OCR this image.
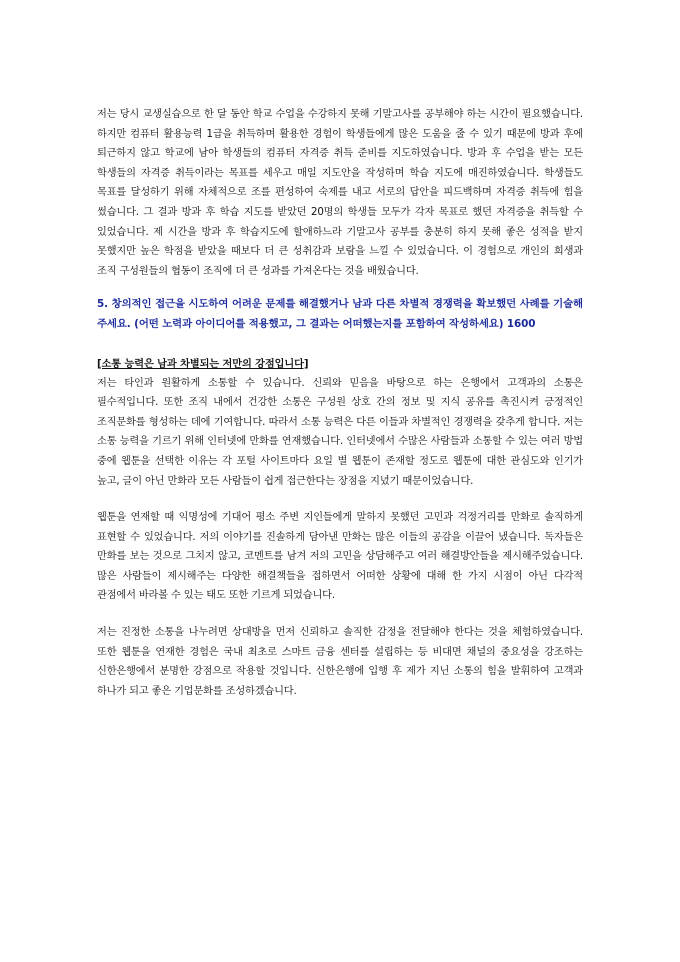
저는 당시 교생실습으로 한 달 동안 학교 수업을 수강하지 못해 기말고사를 공부해야 하는 시간이 필요했습니다. 하지만 컴퓨터 활용능력 1급을 취득하며 활용한 경험이 학생들에게 많은 도움을 줄 수 있기 때문에 방과 후에 퇴근하지 않고 학교에 남아 학생들의 컴퓨터 자격증 취득 준비를 지도하였습니다. 방과 후 수업을 받는 모든 학생들의 자격증 취득이라는 목표를 세우고 매일 지도안을 작성하며 학습 지도에 매진하였습니다. 학생들도 목표를 달성하기 위해 자체적으로 조를 편성하여 숙제를 내고 서로의 답안을 피드백하며 자격증 취득에 힘을 썼습니다. 그 결과 방과 후 학습 지도를 받았던 20명의 학생들 모두가 각자 목표로 했던 자격증을 취득할 수 있었습니다. 제 시간을 방과 후 학습지도에 할애하느라 기말고사 공부를 충분히 하지 못해 좋은 성적을 받지 못했지만 높은 학점을 받았을 때보다 더 큰 성취감과 보람을 느낄 수 있었습니다. 이 경험으로 개인의 희생과 조직 구성원들의 협동이 조직에 더 큰 성과를 가져온다는 것을 배웠습니다.

5. 창의적인 접근을 시도하여 어려운 문제를 해결했거나 남과 다른 차별적 경쟁력을 확보했던 사례를 기술해 주세요. (어떤 노력과 아이디어를 적용했고, 그 결과는 어떠했는지를 포함하여 작성하세요) 1600

[소통 능력은 남과 차별되는 저만의 강점입니다]

저는 타인과 원활하게 소통할 수 있습니다. 신뢰와 믿음을 바탕으로 하는 은행에서 고객과의 소통은 필수적입니다. 또한 조직 내에서 건강한 소통은 구성원 상호 간의 정보 및 지식 공유를 촉진시켜 긍정적인 조직문화를 형성하는 데에 기여합니다. 따라서 소통 능력은 다른 이들과 차별적인 경쟁력을 갖추게 합니다. 저는 소통 능력을 기르기 위해 인터넷에 만화를 연재했습니다. 인터넷에서 수많은 사람들과 소통할 수 있는 여러 방법 중에 웹툰을 선택한 이유는 각 포털 사이트마다 요일 별 웹툰이 존재할 정도로 웹툰에 대한 관심도와 인기가 높고, 글이 아닌 만화라 모든 사람들이 쉽게 접근한다는 장점을 지녔기 때문이었습니다.

웹툰을 연재할 때 익명성에 기대어 평소 주변 지인들에게 말하지 못했던 고민과 걱정거리를 만화로 솔직하게 표현할 수 있었습니다. 저의 이야기를 진솔하게 담아낸 만화는 많은 이들의 공감을 이끌어 냈습니다. 독자들은 만화를 보는 것으로 그치지 않고, 코멘트를 남겨 저의 고민을 상담해주고 여러 해결방안들을 제시해주었습니다. 많은 사람들이 제시해주는 다양한 해결책들을 접하면서 어떠한 상황에 대해 한 가지 시점이 아닌 다각적 관점에서 바라볼 수 있는 태도 또한 기르게 되었습니다.

저는 진정한 소통을 나누려면 상대방을 먼저 신뢰하고 솔직한 감정을 전달해야 한다는 것을 체험하였습니다. 또한 웹툰을 연재한 경험은 국내 최초로 스마트 금융 센터를 설립하는 등 비대면 채널의 중요성을 강조하는 신한은행에서 분명한 강점으로 작용할 것입니다. 신한은행에 입행 후 제가 지닌 소통의 힘을 발휘하여 고객과 하나가 되고 좋은 기업문화를 조성하겠습니다.
